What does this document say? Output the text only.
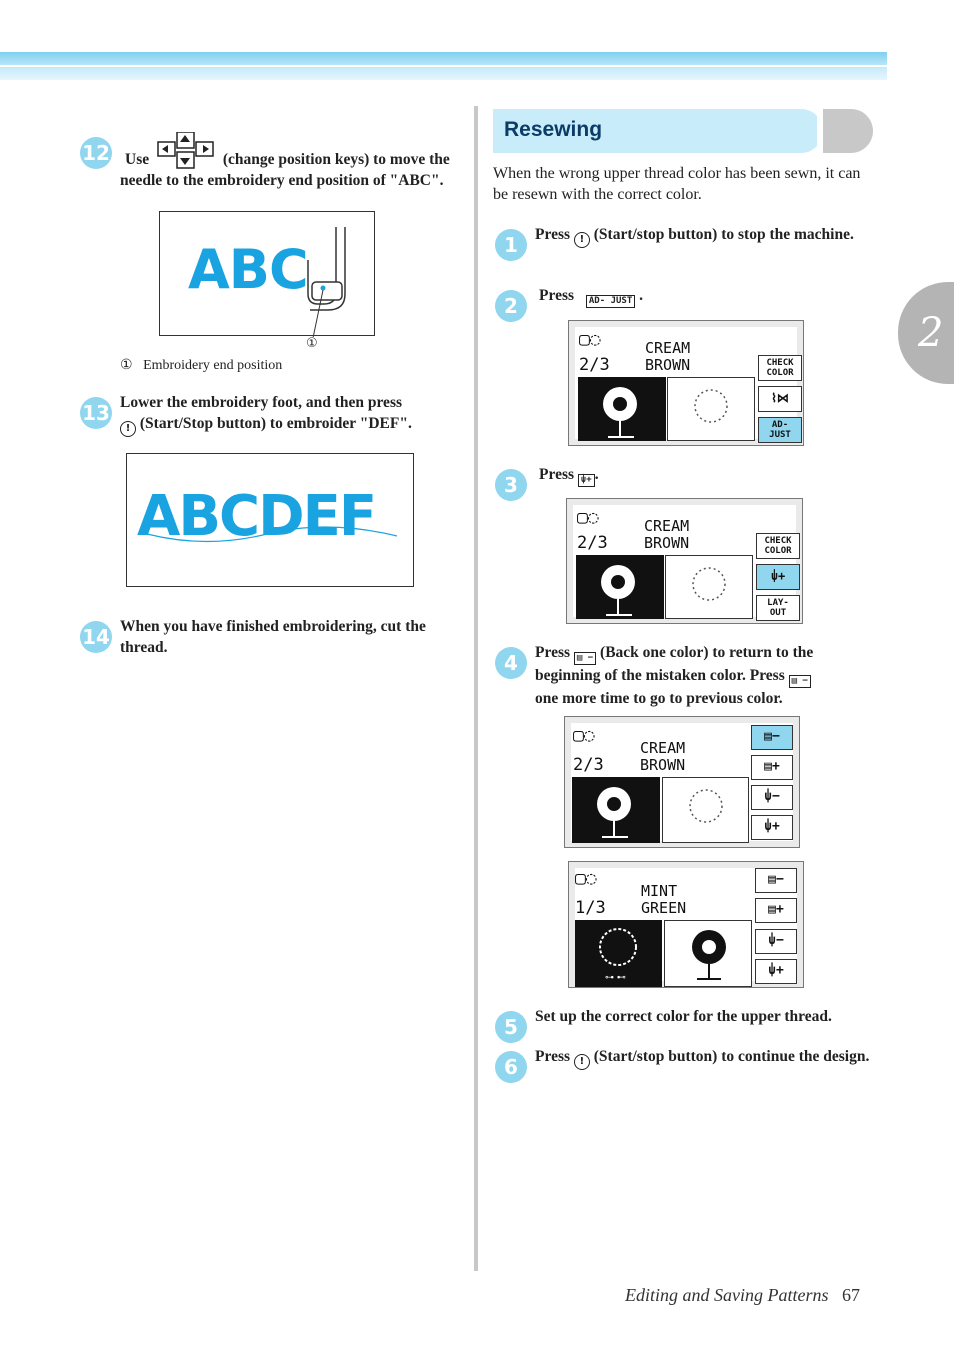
2
12 Use	(change position keys) to move the needle to the embroidery end position of "ABC".
ABC
①
① Embroidery end position
13 Lower the embroidery foot, and then press
! (Start/Stop button) to embroider "DEF".
ABCDEF
14 When you have finished embroidering, cut the thread.
Resewing
When the wrong upper thread color has been sewn, it can be resewn with the correct color.
1	Press ! (Start/stop button) to stop the machine.
2	Press AD- JUST .
▢◌
2/3
CREAM
BROWN	CHECK COLOR
⌇⋈
AD- JUST
3	Press ⍦+ .
▢◌
2/3
CREAM
BROWN	CHECK COLOR
⍦+
LAY- OUT
4	Press ▤ − (Back one color) to return to the
beginning of the mistaken color. Press ▤ −
one more time to go to previous color.
▢◌
2/3
CREAM
BROWN
▤−
▤+
⍦−
⍦+
▢◌
1/3
MINT
GREEN
⊶ ⊷
▤−
▤+
⍦−
⍦+
5	Set up the correct color for the upper thread.
6	Press ! (Start/stop button) to continue the design.
Editing and Saving Patterns 67
